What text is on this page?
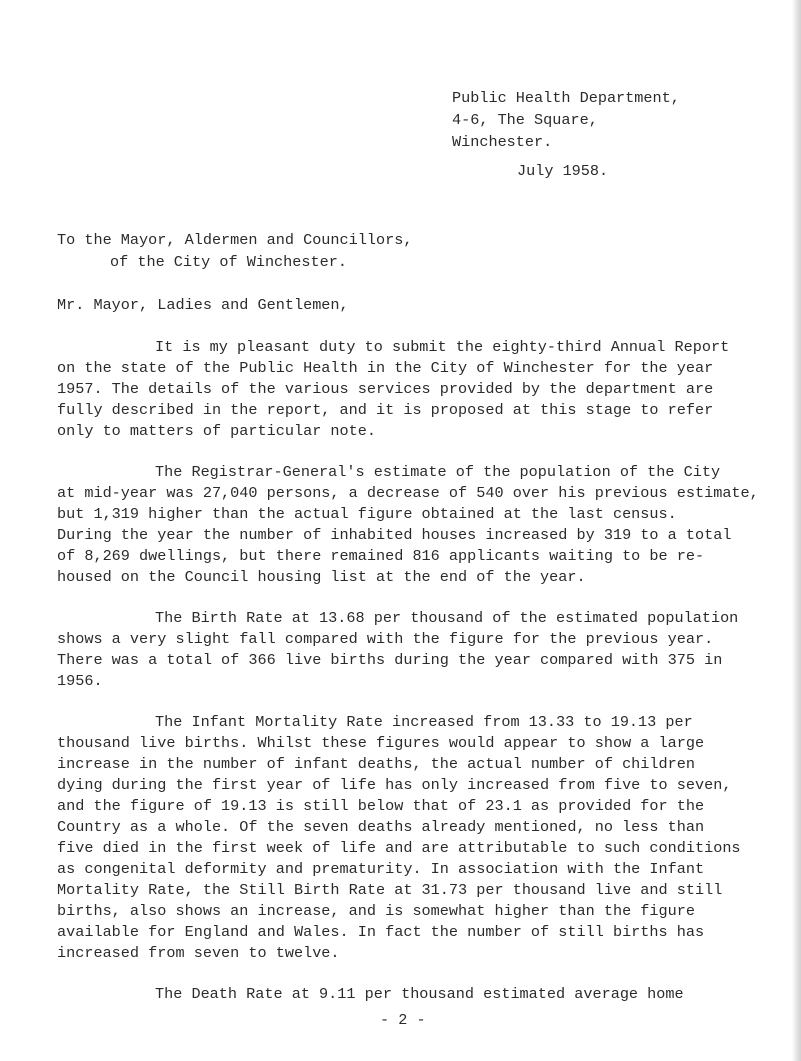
Public Health Department,
4-6, The Square,
Winchester.
July 1958.
To the Mayor, Aldermen and Councillors,
of the City of Winchester.
Mr. Mayor, Ladies and Gentlemen,
It is my pleasant duty to submit the eighty-third Annual Report
on the state of the Public Health in the City of Winchester for the year
1957. The details of the various services provided by the department are
fully described in the report, and it is proposed at this stage to refer
only to matters of particular note.
The Registrar-General's estimate of the population of the City
at mid-year was 27,040 persons, a decrease of 540 over his previous estimate,
but 1,319 higher than the actual figure obtained at the last census.
During the year the number of inhabited houses increased by 319 to a total
of 8,269 dwellings, but there remained 816 applicants waiting to be re-
housed on the Council housing list at the end of the year.
The Birth Rate at 13.68 per thousand of the estimated population
shows a very slight fall compared with the figure for the previous year.
There was a total of 366 live births during the year compared with 375 in
1956.
The Infant Mortality Rate increased from 13.33 to 19.13 per
thousand live births. Whilst these figures would appear to show a large
increase in the number of infant deaths, the actual number of children
dying during the first year of life has only increased from five to seven,
and the figure of 19.13 is still below that of 23.1 as provided for the
Country as a whole. Of the seven deaths already mentioned, no less than
five died in the first week of life and are attributable to such conditions
as congenital deformity and prematurity. In association with the Infant
Mortality Rate, the Still Birth Rate at 31.73 per thousand live and still
births, also shows an increase, and is somewhat higher than the figure
available for England and Wales. In fact the number of still births has
increased from seven to twelve.
The Death Rate at 9.11 per thousand estimated average home
- 2 -
